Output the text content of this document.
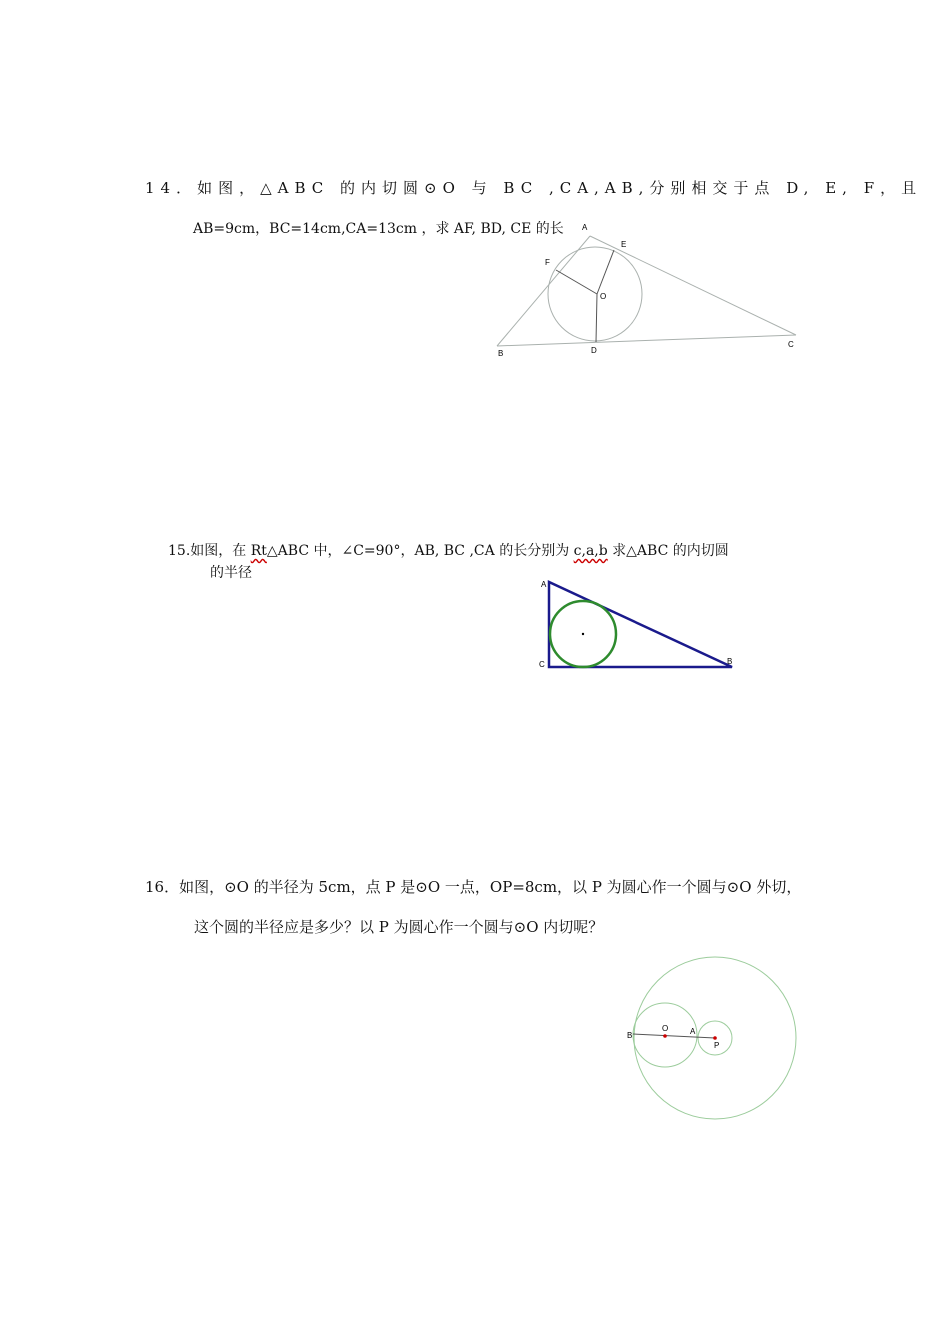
14．如图，△ABC 的内切圆⊙O 与 BC ,CA,AB,分别相交于点 D, E, F，且
AB=9cm，BC=14cm,CA=13cm ，求 AF, BD, CE 的长 A
E
F
O
B	D
C
15.如图，在 Rt△ABC 中，∠C=90°，AB, BC ,CA 的长分别为 c,a,b 求△ABC 的内切圆
的半径
A
C	B
16．如图，⊙O 的半径为 5cm，点 P 是⊙O 一点，OP=8cm，以 P 为圆心作一个圆与⊙O 外切，
这个圆的半径应是多少？以 P 为圆心作一个圆与⊙O 内切呢？
B
O	A
P
